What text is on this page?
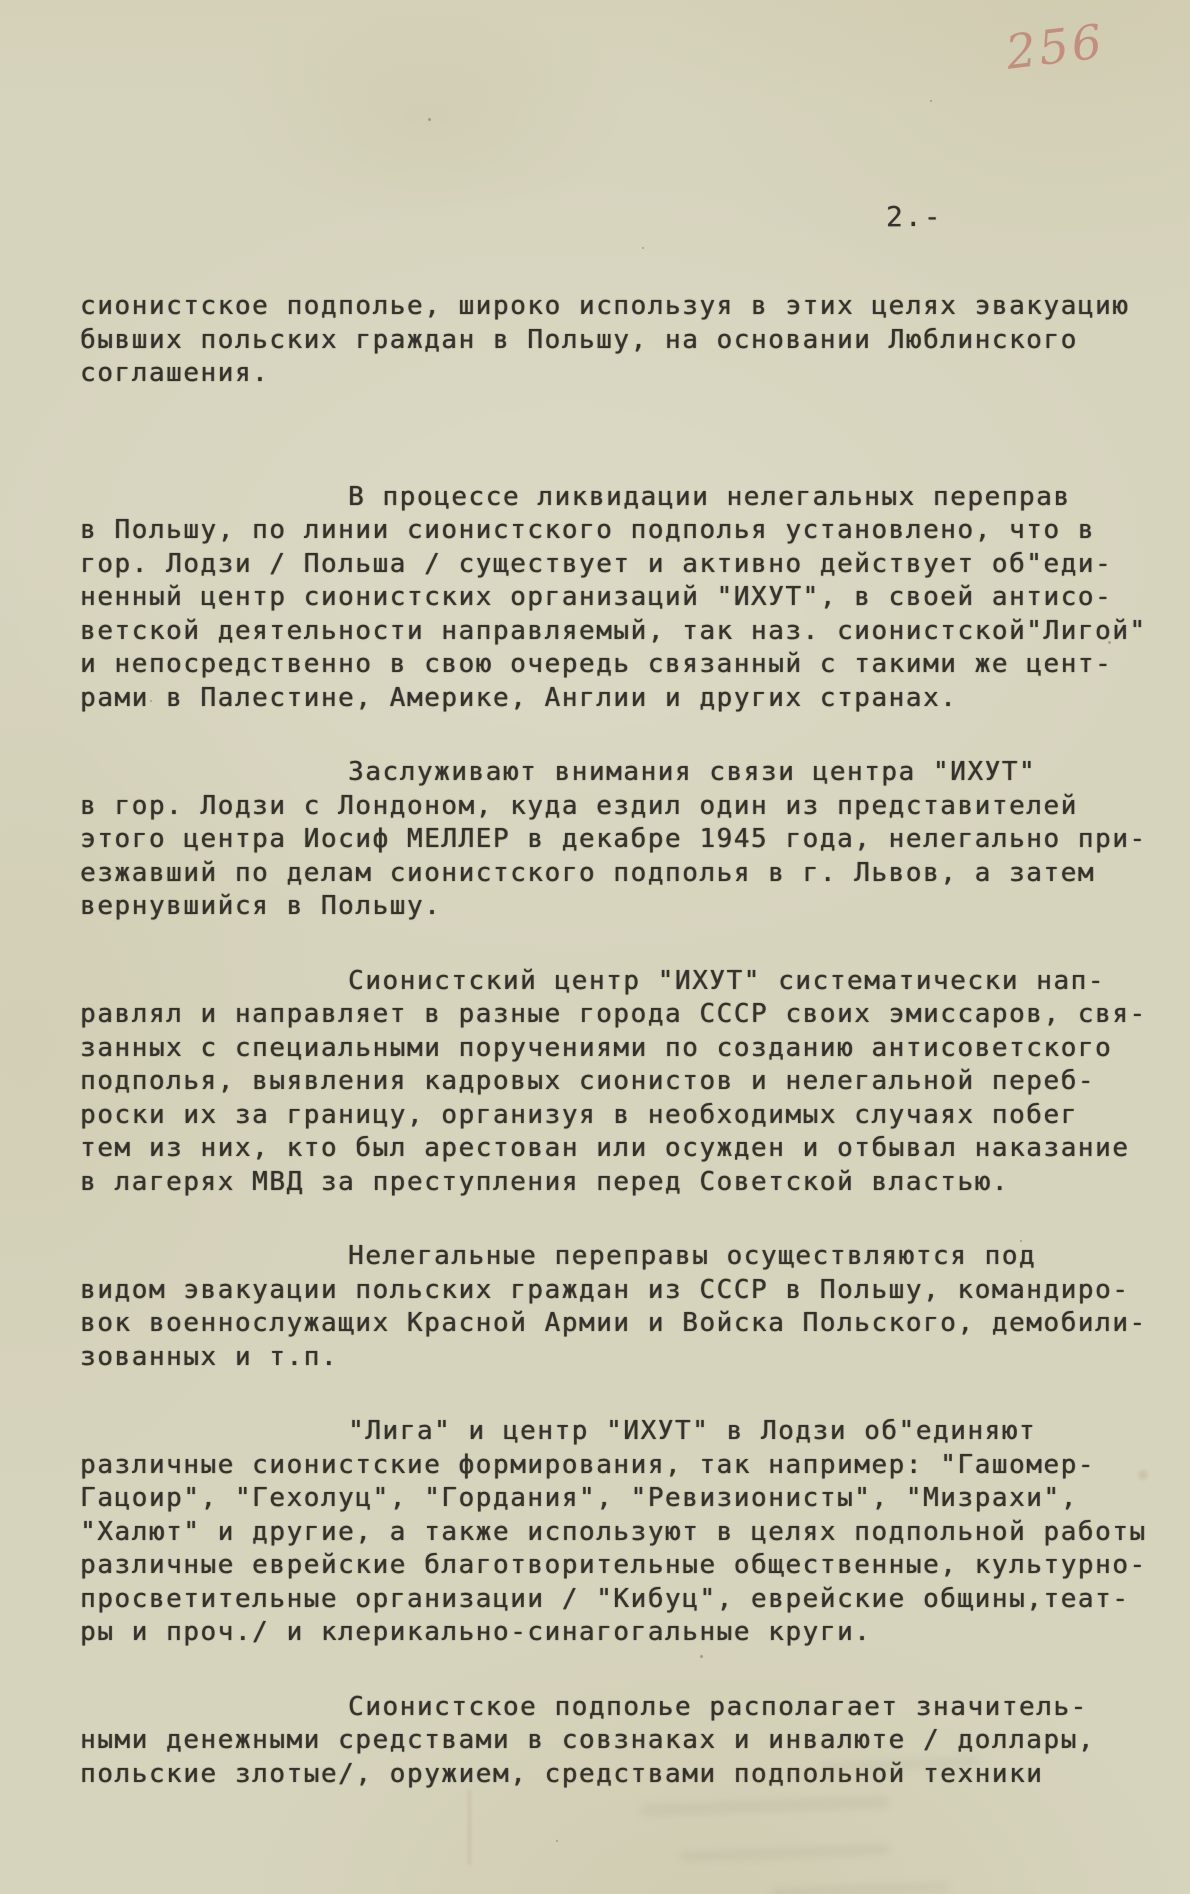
256
2.-
сионистское подполье, широко используя в этих целях эвакуацию
бывших польских граждан в Польшу, на основании Люблинского
соглашения.
В процессе ликвидации нелегальных переправ
в Польшу, по линии сионистского подполья установлено, что в
гор. Лодзи / Польша / существует и активно действует об"еди-
ненный центр сионистских организаций "ИХУТ", в своей антисо-
ветской деятельности направляемый, так наз. сионистской"Лигой"
и непосредственно в свою очередь связанный с такими же цент-
рами в Палестине, Америке, Англии и других странах.
Заслуживают внимания связи центра "ИХУТ"
в гор. Лодзи с Лондоном, куда ездил один из представителей
этого центра Иосиф МЕЛЛЕР в декабре 1945 года, нелегально при-
езжавший по делам сионистского подполья в г. Львов, а затем
вернувшийся в Польшу.
Сионистский центр "ИХУТ" систематически нап-
равлял и направляет в разные города СССР своих эмиссаров, свя-
занных с специальными поручениями по созданию антисоветского
подполья, выявления кадровых сионистов и нелегальной переб-
роски их за границу, организуя в необходимых случаях побег
тем из них, кто был арестован или осужден и отбывал наказание
в лагерях МВД за преступления перед Советской властью.
Нелегальные переправы осуществляются под
видом эвакуации польских граждан из СССР в Польшу, командиро-
вок военнослужащих Красной Армии и Войска Польского, демобили-
зованных и т.п.
"Лига" и центр "ИХУТ" в Лодзи об"единяют
различные сионистские формирования, так например: "Гашомер-
Гацоир", "Гехолуц", "Гордания", "Ревизионисты", "Мизрахи",
"Халют" и другие, а также используют в целях подпольной работы
различные еврейские благотворительные общественные, культурно-
просветительные организации / "Кибуц", еврейские общины,теат-
ры и проч./ и клерикально-синагогальные круги.
Сионистское подполье располагает значитель-
ными денежными средствами в совзнаках и инвалюте / доллары,
польские злотые/, оружием, средствами подпольной техники
